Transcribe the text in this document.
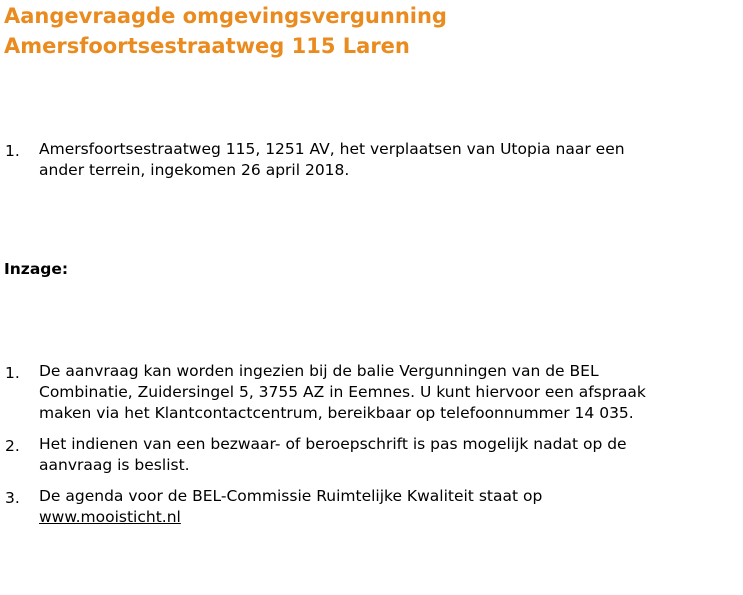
Aangevraagde omgevingsvergunning
Amersfoortsestraatweg 115 Laren
1. Amersfoortsestraatweg 115, 1251 AV, het verplaatsen van Utopia naar een
ander terrein, ingekomen 26 april 2018.
Inzage:
1. De aanvraag kan worden ingezien bij de balie Vergunningen van de BEL
Combinatie, Zuidersingel 5, 3755 AZ in Eemnes. U kunt hiervoor een afspraak
maken via het Klantcontactcentrum, bereikbaar op telefoonnummer 14 035.
2. Het indienen van een bezwaar- of beroepschrift is pas mogelijk nadat op de
aanvraag is beslist.
3. De agenda voor de BEL-Commissie Ruimtelijke Kwaliteit staat op
www.mooisticht.nl
